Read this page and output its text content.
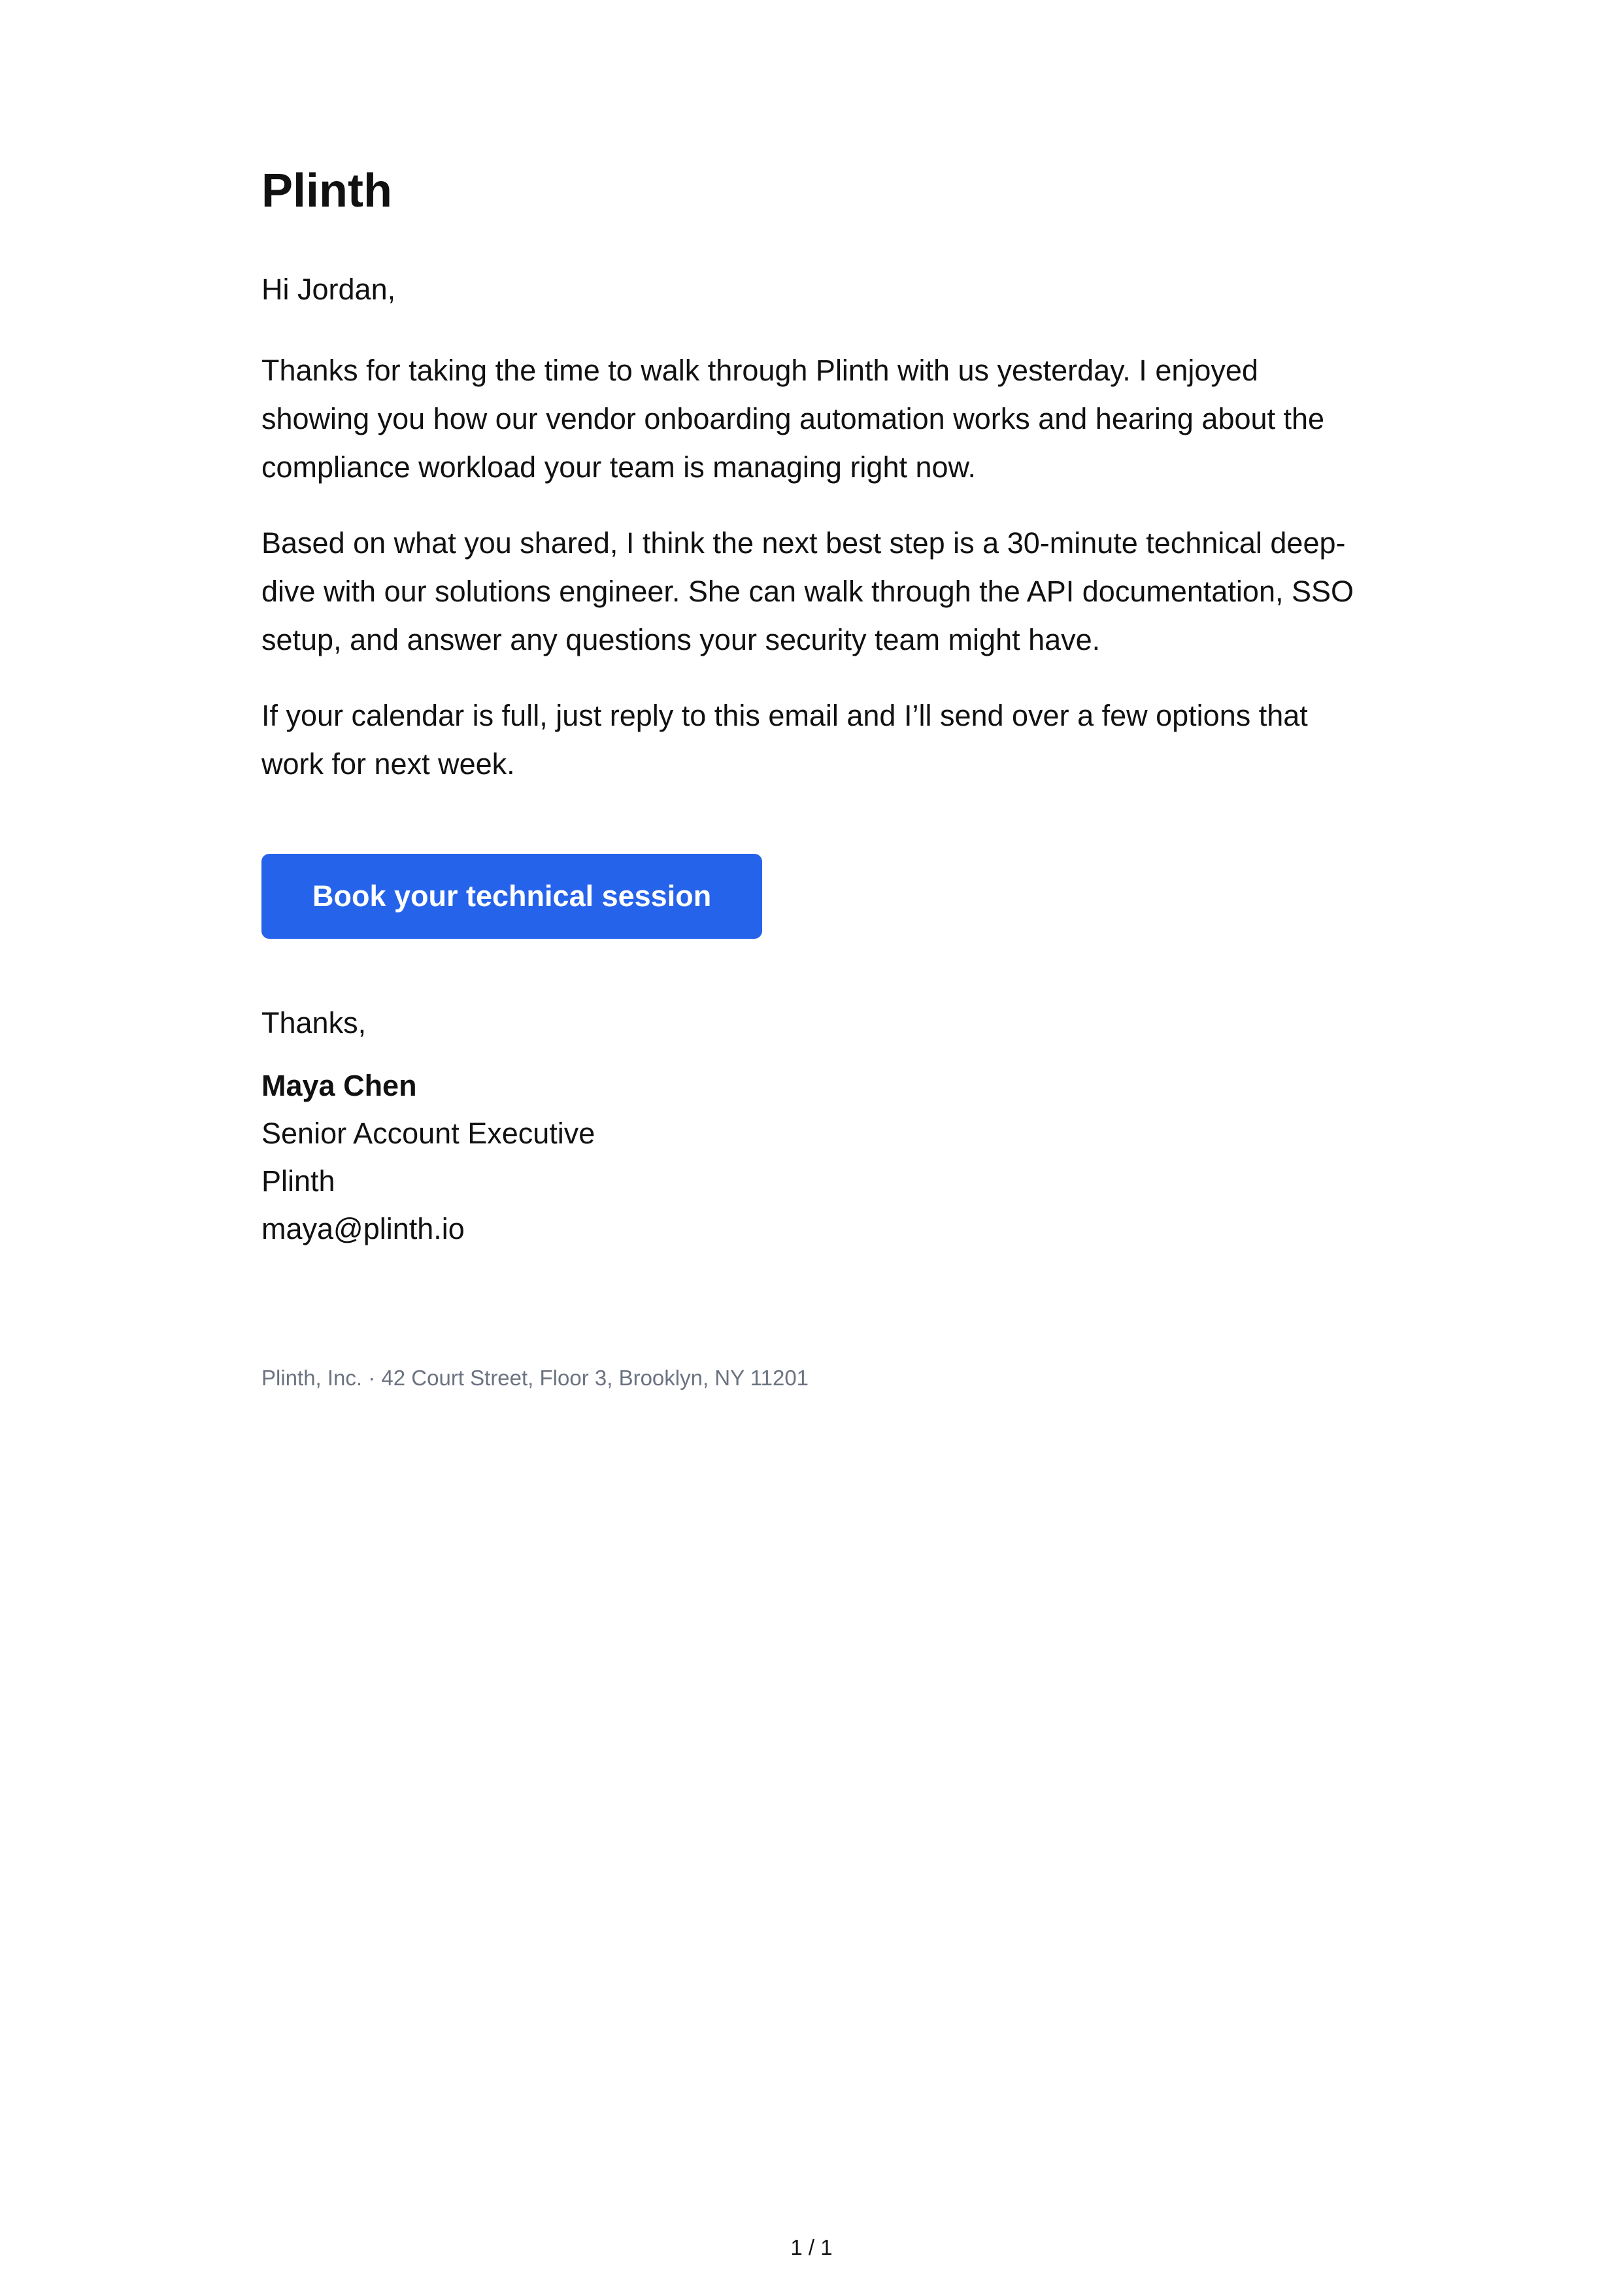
Plinth

Hi Jordan,

Thanks for taking the time to walk through Plinth with us yesterday. I enjoyed showing you how our vendor onboarding automation works and hearing about the compliance workload your team is managing right now.

Based on what you shared, I think the next best step is a 30-minute technical deep-dive with our solutions engineer. She can walk through the API documentation, SSO setup, and answer any questions your security team might have.

If your calendar is full, just reply to this email and I’ll send over a few options that work for next week.

Book your technical session

Thanks,

Maya Chen

Senior Account Executive

Plinth

maya@plinth.io

Plinth, Inc. · 42 Court Street, Floor 3, Brooklyn, NY 11201
1 / 1
